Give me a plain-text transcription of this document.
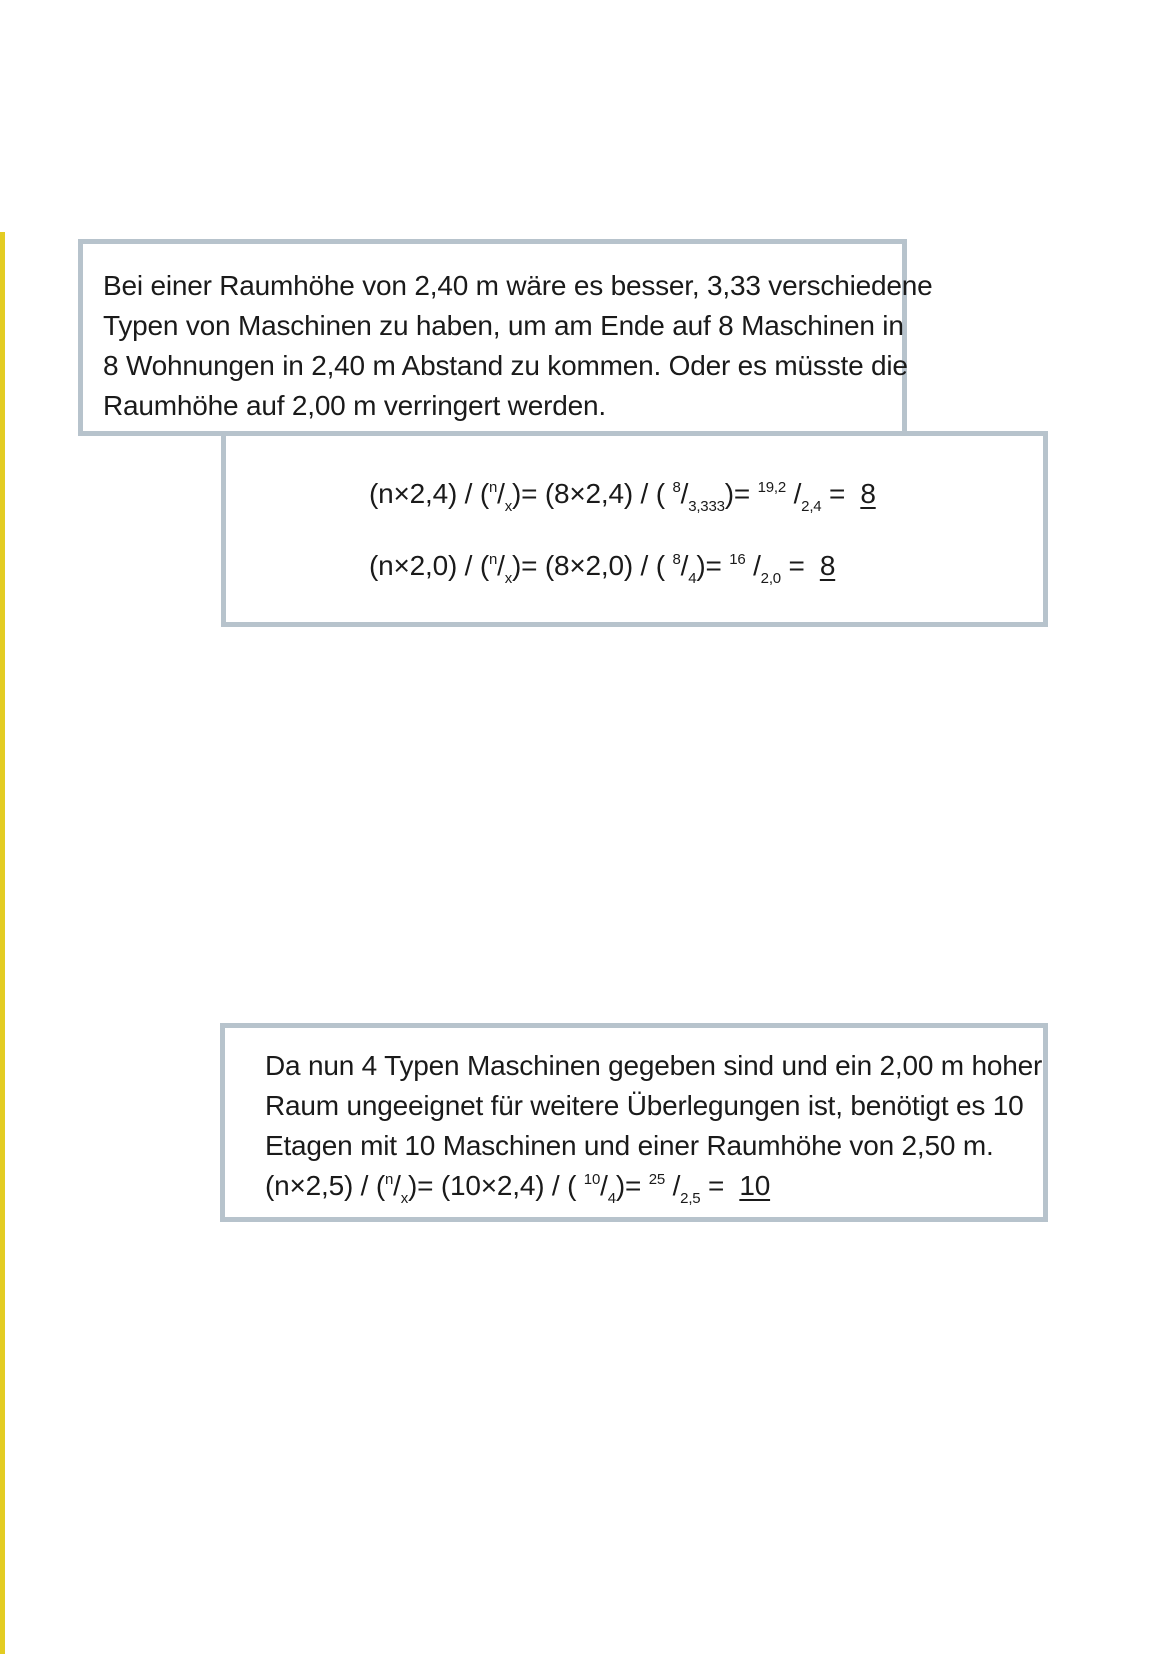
Bei einer Raumhöhe von 2,40 m wäre es besser, 3,33 verschiedene
Typen von Maschinen zu haben, um am Ende auf 8 Maschinen in
8 Wohnungen in 2,40 m Abstand zu kommen. Oder es müsste die
Raumhöhe auf 2,00 m verringert werden.

$(n\times 2,4) / (^n/_x)= (8\times 2,4)$ / ( $^8/_{3,333})= ^{19,2}$ $/_{2,4} = 8$
$(n\times 2,0) / (^n/_x)= (8\times 2,0)$ / ( $^8/_4)= ^{16}$ $/_{2,0} = 8$

Da nun 4 Typen Maschinen gegeben sind und ein 2,00 m hoher
Raum ungeeignet für weitere Überlegungen ist, benötigt es 10
Etagen mit 10 Maschinen und einer Raumhöhe von 2,50 m.

$(n\times 2,5) / (^n/_x)= (10\times 2,4)$ / ( $^{10}/_4)= ^{25}$ $/_{2,5} = 10$
